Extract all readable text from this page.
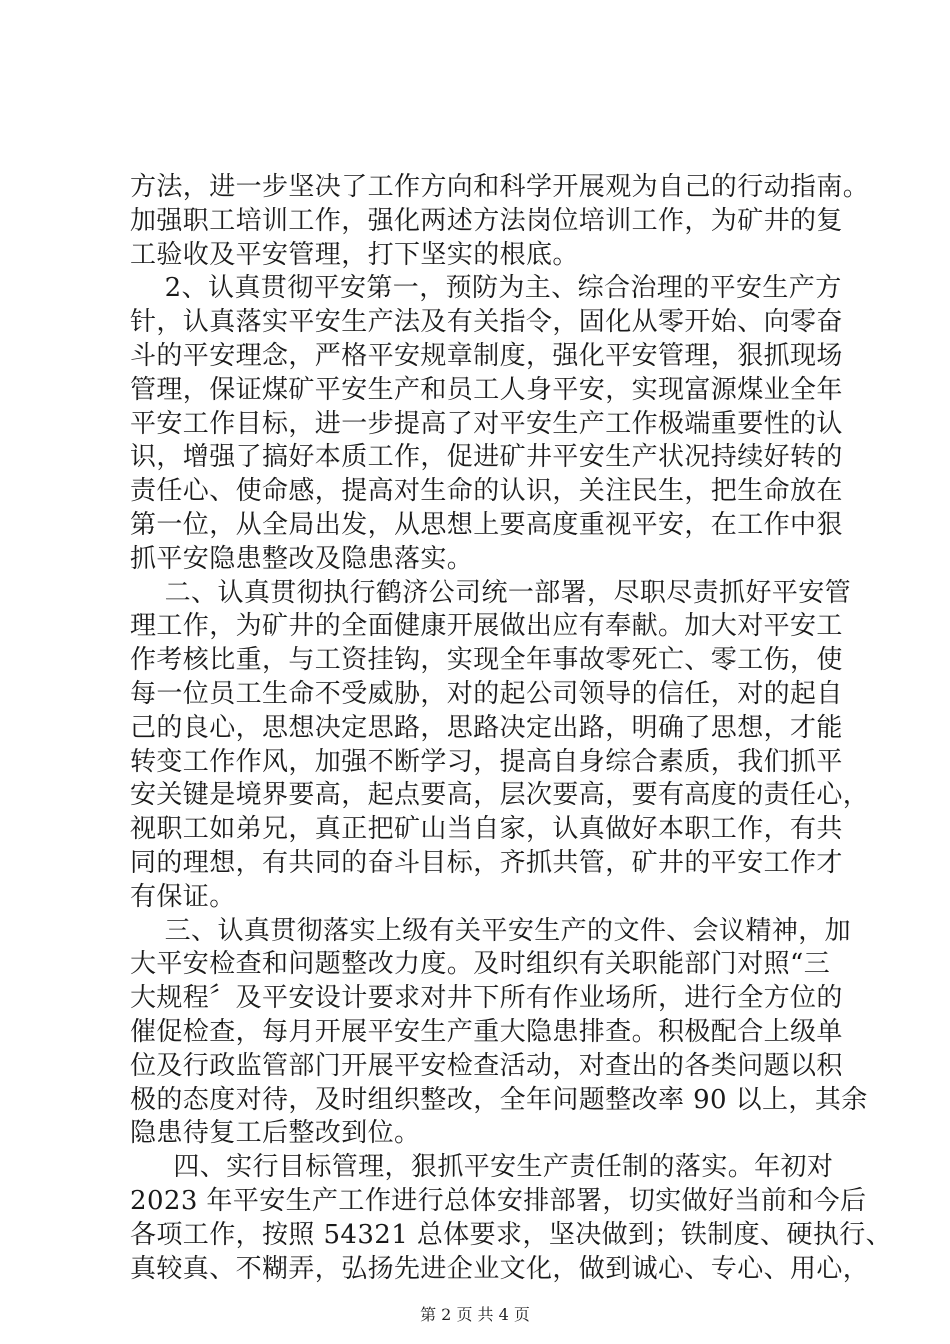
方法，进一步坚决了工作方向和科学开展观为自己的行动指南。
加强职工培训工作，强化两述方法岗位培训工作，为矿井的复
工验收及平安管理，打下坚实的根底。
2、认真贯彻平安第一，预防为主、综合治理的平安生产方
针，认真落实平安生产法及有关指令，固化从零开始、向零奋
斗的平安理念，严格平安规章制度，强化平安管理，狠抓现场
管理，保证煤矿平安生产和员工人身平安，实现富源煤业全年
平安工作目标，进一步提高了对平安生产工作极端重要性的认
识，增强了搞好本质工作，促进矿井平安生产状况持续好转的
责任心、使命感，提高对生命的认识，关注民生，把生命放在
第一位，从全局出发，从思想上要高度重视平安，在工作中狠
抓平安隐患整改及隐患落实。
二、认真贯彻执行鹤济公司统一部署，尽职尽责抓好平安管
理工作，为矿井的全面健康开展做出应有奉献。加大对平安工
作考核比重，与工资挂钩，实现全年事故零死亡、零工伤，使
每一位员工生命不受威胁，对的起公司领导的信任，对的起自
己的良心，思想决定思路，思路决定出路，明确了思想，才能
转变工作作风，加强不断学习，提高自身综合素质，我们抓平
安关键是境界要高，起点要高，层次要高，要有高度的责任心，
视职工如弟兄，真正把矿山当自家，认真做好本职工作，有共
同的理想，有共同的奋斗目标，齐抓共管，矿井的平安工作才
有保证。
三、认真贯彻落实上级有关平安生产的文件、会议精神，加
大平安检查和问题整改力度。及时组织有关职能部门对照“三
大规程〞及平安设计要求对井下所有作业场所，进行全方位的
催促检查，每月开展平安生产重大隐患排查。积极配合上级单
位及行政监管部门开展平安检查活动，对查出的各类问题以积
极的态度对待，及时组织整改，全年问题整改率 90 以上，其余
隐患待复工后整改到位。
四、实行目标管理，狠抓平安生产责任制的落实。年初对
2023 年平安生产工作进行总体安排部署，切实做好当前和今后
各项工作，按照 54321 总体要求，坚决做到；铁制度、硬执行、
真较真、不糊弄，弘扬先进企业文化，做到诚心、专心、用心，
第 2 页 共 4 页
